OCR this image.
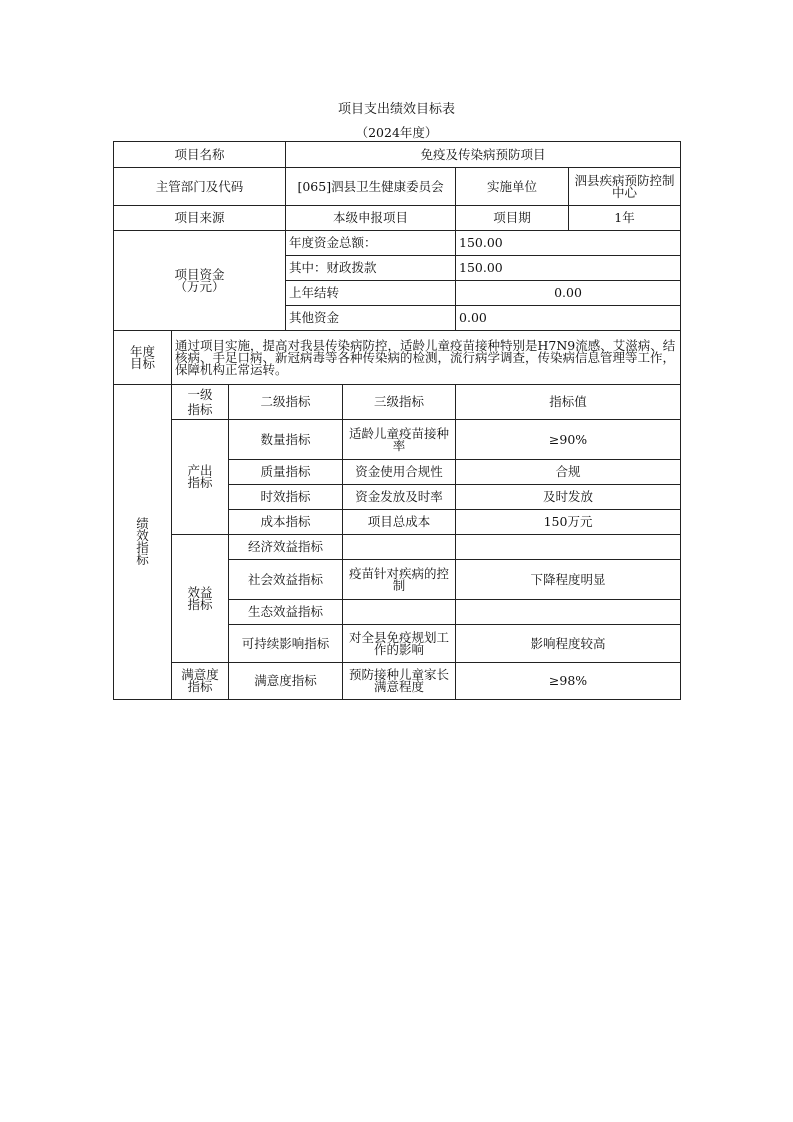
项目支出绩效目标表
（2024年度）
项目名称			免疫及传染病预防项目			
主管部门及代码			[065]泗县卫生健康委员会		实施单位	泗县疾病预防控制中心
项目来源			本级申报项目		项目期	1年

项目资金
（万元）			年度资金总额：		150.00	
			其中：财政拨款		150.00	
			上年结转		0.00	
			其他资金		0.00	

年度目标	通过项目实施，提高对我县传染病防控，适龄儿童疫苗接种特别是H7N9流感、艾滋病、结核病、手足口病、新冠病毒等各种传染病的检测，流行病学调查，传染病信息管理等工作，保障机构正常运转。					

绩效指标	一级指标	二级指标		三级指标	指标值	

	产出指标	数量指标		适龄儿童疫苗接种率	≥90%	
		质量指标		资金使用合规性	合规	
		时效指标		资金发放及时率	及时发放	
		成本指标		项目总成本	150万元	

	效益指标	经济效益指标				
		社会效益指标		疫苗针对疾病的控制	下降程度明显	
		生态效益指标				
		可持续影响指标		对全县免疫规划工作的影响	影响程度较高	

	满意度指标	满意度指标		预防接种儿童家长满意程度	≥98%	
